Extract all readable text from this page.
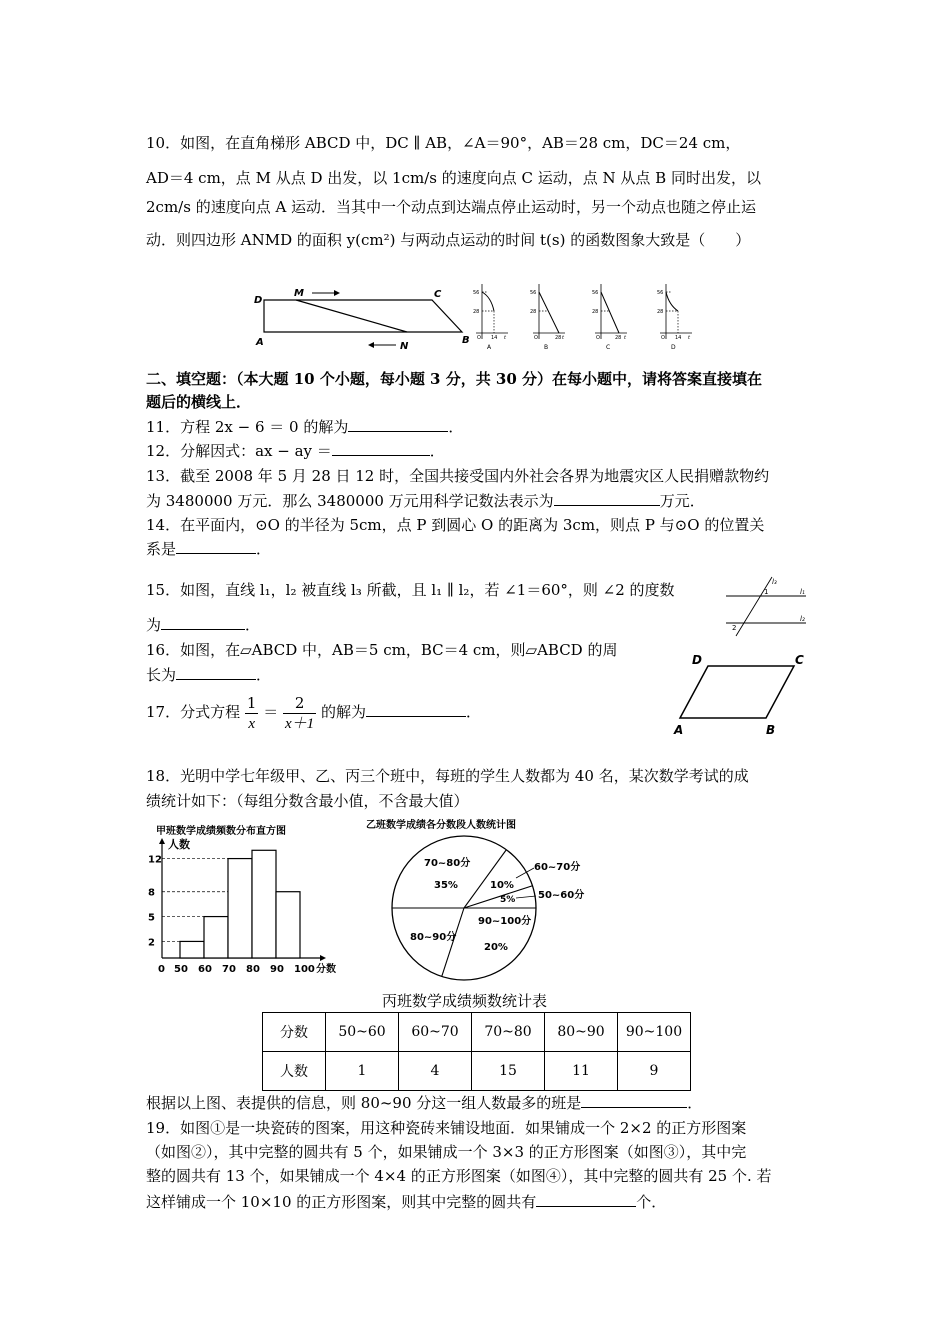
10．如图，在直角梯形 ABCD 中，DC ∥ AB，∠A＝90°，AB＝28 cm，DC＝24 cm，
AD＝4 cm，点 M 从点 D 出发，以 1cm/s 的速度向点 C 运动，点 N 从点 B 同时出发，以
2cm/s 的速度向点 A 运动．当其中一个动点到达端点停止运动时，另一个动点也随之停止运
动．则四边形 ANMD 的面积 y(cm²) 与两动点运动的时间 t(s) 的函数图象大致是（　　）
D
M	C
A	N
B
56
28
O 14 t
A
56
28
O	28 t
B
56
28
O	28 t
C
56
28
O 14 t
D
二、填空题：（本大题 10 个小题，每小题 3 分，共 30 分）在每小题中，请将答案直接填在
题后的横线上．
11．方程 2x − 6 ＝ 0 的解为	．
12．分解因式：ax − ay ＝	．
13．截至 2008 年 5 月 28 日 12 时，全国共接受国内外社会各界为地震灾区人民捐赠款物约
为 3480000 万元．那么 3480000 万元用科学记数法表示为	万元．
14．在平面内，⊙O 的半径为 5cm，点 P 到圆心 O 的距离为 3cm，则点 P 与⊙O 的位置关
系是	．
15．如图，直线 l₁，l₂ 被直线 l₃ 所截，且 l₁ ∥ l₂，若 ∠1＝60°，则 ∠2 的度数
为	．
l₃
l₁
l₂
1
2
16．如图，在▱ABCD 中，AB＝5 cm，BC＝4 cm，则▱ABCD 的周
长为	．
D	C
A	B
17．分式方程 $\frac{1}{x} = \frac{2}{x+1}$ 的解为	．
18．光明中学七年级甲、乙、丙三个班中，每班的学生人数都为 40 名，某次数学考试的成
绩统计如下：（每组分数含最小值，不含最大值）
甲班数学成绩频数分布直方图
人数
2
5
8
12
0 50 60 70 80 90 100 分数
乙班数学成绩各分数段人数统计图
70~80分
35%	10%
5%
90~100分
80~90分
20%
60~70分
50~60分
丙班数学成绩频数统计表
分数	50~60	60~70	70~80	80~90	90~100
人数	1	4	15	11	9
根据以上图、表提供的信息，则 80~90 分这一组人数最多的班是	．
19．如图①是一块瓷砖的图案，用这种瓷砖来铺设地面．如果铺成一个 2×2 的正方形图案
（如图②），其中完整的圆共有 5 个，如果铺成一个 3×3 的正方形图案（如图③），其中完
整的圆共有 13 个，如果铺成一个 4×4 的正方形图案（如图④），其中完整的圆共有 25 个. 若
这样铺成一个 10×10 的正方形图案，则其中完整的圆共有	个．
